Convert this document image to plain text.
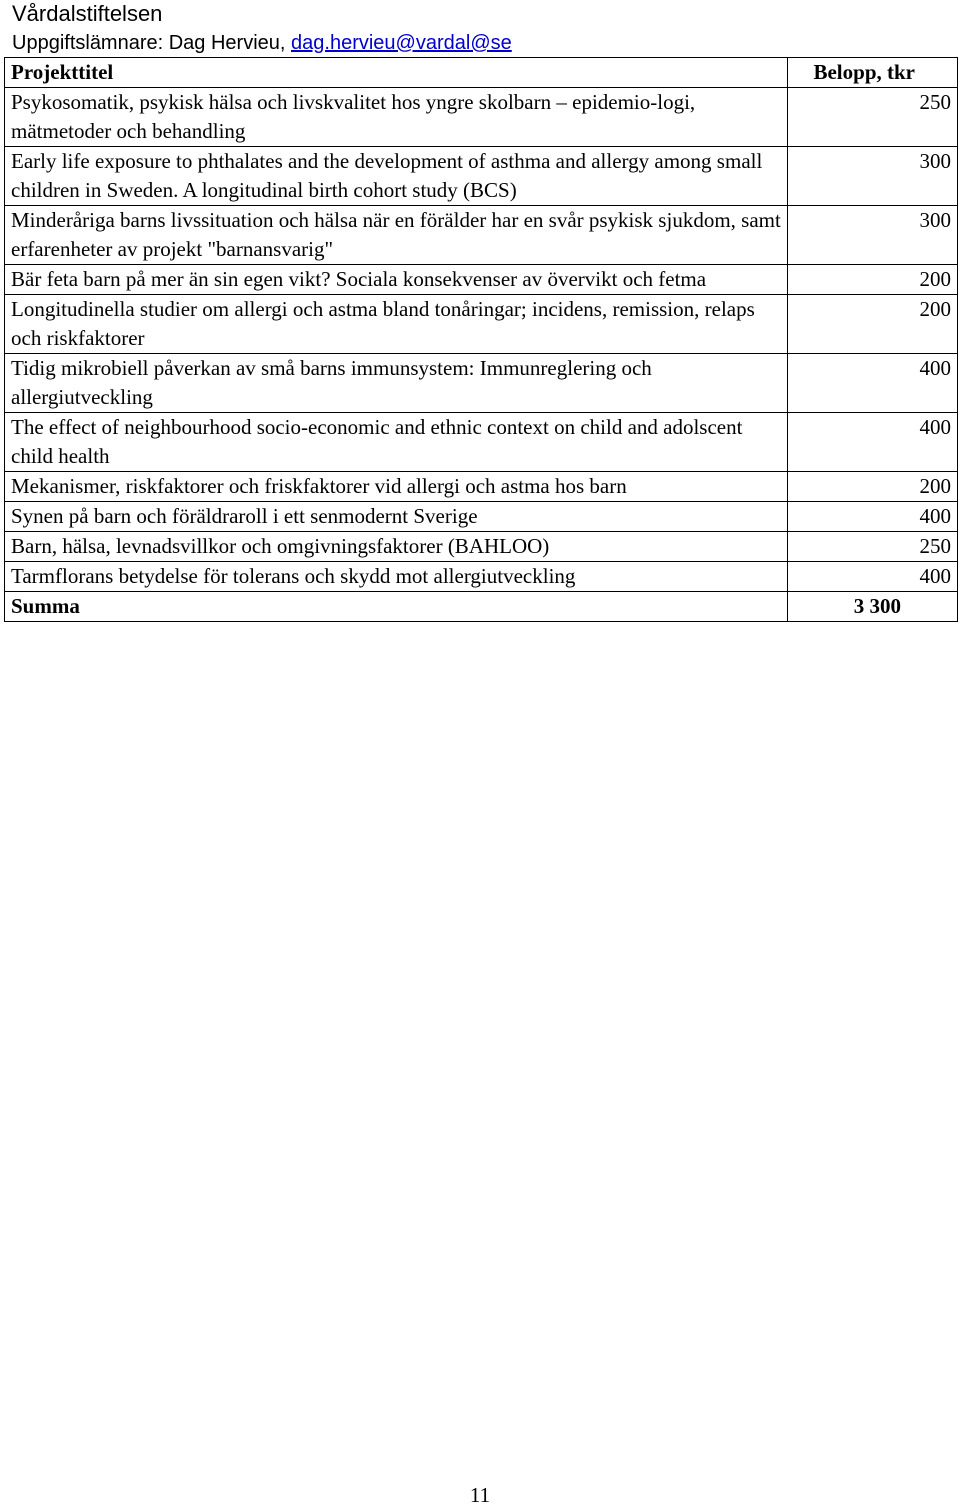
Vårdalstiftelsen
Uppgiftslämnare: Dag Hervieu, dag.hervieu@vardal@se
Projekttitel	Belopp, tkr
Psykosomatik, psykisk hälsa och livskvalitet hos yngre skolbarn – epidemio-logi, mätmetoder och behandling	250
Early life exposure to phthalates and the development of asthma and allergy among small children in Sweden. A longitudinal birth cohort study (BCS)	300
Minderåriga barns livssituation och hälsa när en förälder har en svår psykisk sjukdom, samt erfarenheter av projekt "barnansvarig"	300
Bär feta barn på mer än sin egen vikt? Sociala konsekvenser av övervikt och fetma	200
Longitudinella studier om allergi och astma bland tonåringar; incidens, remission, relaps och riskfaktorer	200
Tidig mikrobiell påverkan av små barns immunsystem: Immunreglering och allergiutveckling	400
The effect of neighbourhood socio-economic and ethnic context on child and adolscent child health	400
Mekanismer, riskfaktorer och friskfaktorer vid allergi och astma hos barn	200
Synen på barn och föräldraroll i ett senmodernt Sverige	400
Barn, hälsa, levnadsvillkor och omgivningsfaktorer (BAHLOO)	250
Tarmflorans betydelse för tolerans och skydd mot allergiutveckling	400
Summa	3 300
11
